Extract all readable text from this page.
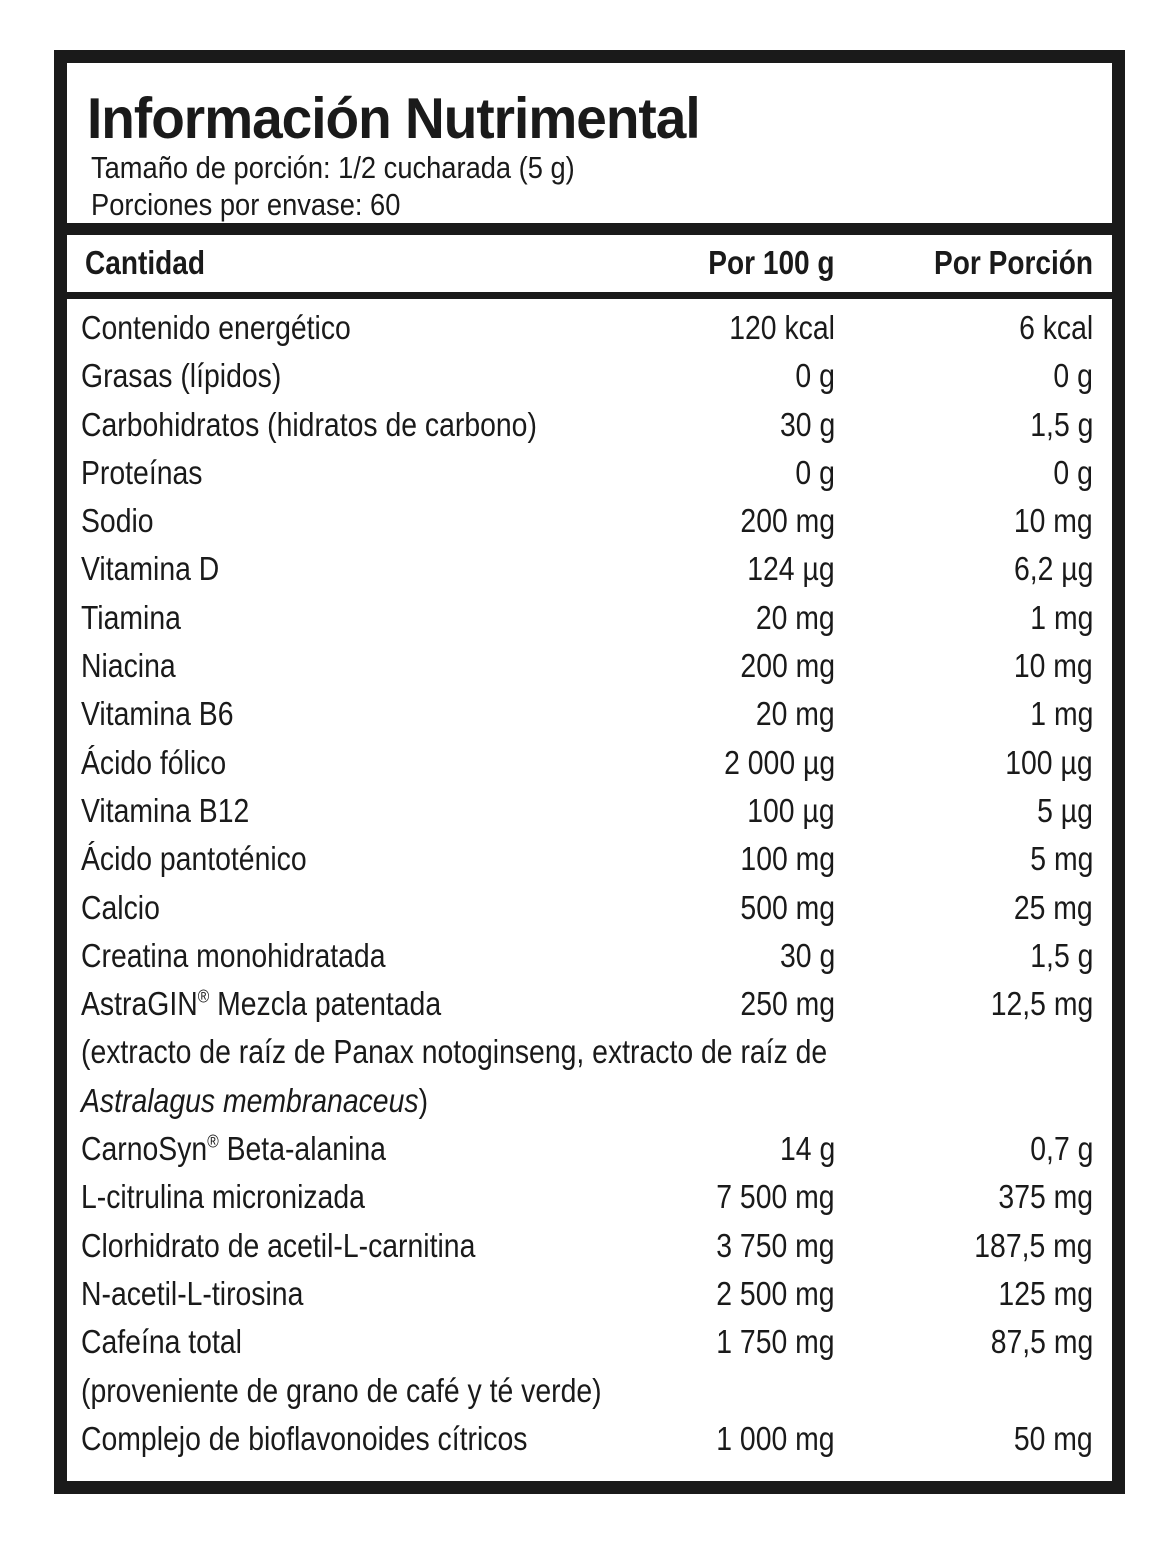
Información Nutrimental
Tamaño de porción: 1/2 cucharada (5 g)
Porciones por envase: 60
Cantidad	Por 100 g	Por Porción
Contenido energético	120 kcal	6 kcal
Grasas (lípidos)	0 g	0 g
Carbohidratos (hidratos de carbono)	30 g	1,5 g
Proteínas	0 g	0 g
Sodio	200 mg	10 mg
Vitamina D	124 µg	6,2 µg
Tiamina	20 mg	1 mg
Niacina	200 mg	10 mg
Vitamina B6	20 mg	1 mg
Ácido fólico	2 000 µg	100 µg
Vitamina B12	100 µg	5 µg
Ácido pantoténico	100 mg	5 mg
Calcio	500 mg	25 mg
Creatina monohidratada	30 g	1,5 g
AstraGIN® Mezcla patentada	250 mg	12,5 mg
(extracto de raíz de Panax notoginseng, extracto de raíz de
Astralagus membranaceus)
CarnoSyn® Beta-alanina	14 g	0,7 g
L-citrulina micronizada	7 500 mg	375 mg
Clorhidrato de acetil-L-carnitina	3 750 mg	187,5 mg
N-acetil-L-tirosina	2 500 mg	125 mg
Cafeína total	1 750 mg	87,5 mg
(proveniente de grano de café y té verde)
Complejo de bioflavonoides cítricos	1 000 mg	50 mg
